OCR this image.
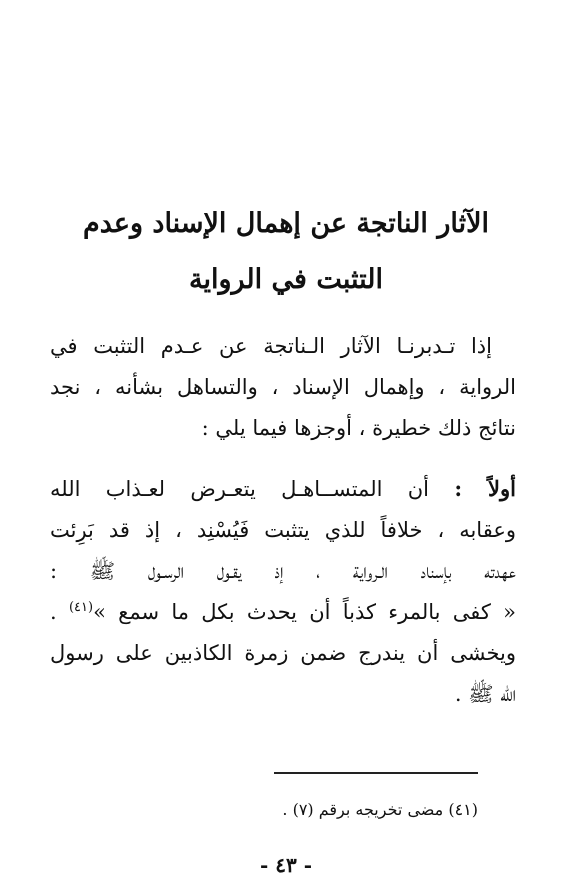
الآثار الناتجة عن إهمال الإسناد وعدم
التثبت في الرواية
إذا تـدبرنـا الآثار الـناتجة عن عـدم التثبت في
الرواية ، وإهمال الإسناد ، والتساهل بشأنه ، نجد
نتائج ذلك خطيرة ، أوجزها فيما يلي :
أولاً : أن المتســاهـل يتعـرض لعـذاب الله
وعقابه ، خلافاً للذي يتثبت فَيُسْنِد ، إذ قد بَرِئت
عهدته بإسناد الـرواية ، إذ يقـول الرسـول ﷺ :
« كفى بالمرء كذباً أن يحدث بكل ما سمع »$^{(٤١)}$ .
ويخشى أن يندرج ضمن زمرة الكاذبين على رسول
الله ﷺ .
(٤١) مضى تخريجه برقم (٧) .
- ٤٣ -
